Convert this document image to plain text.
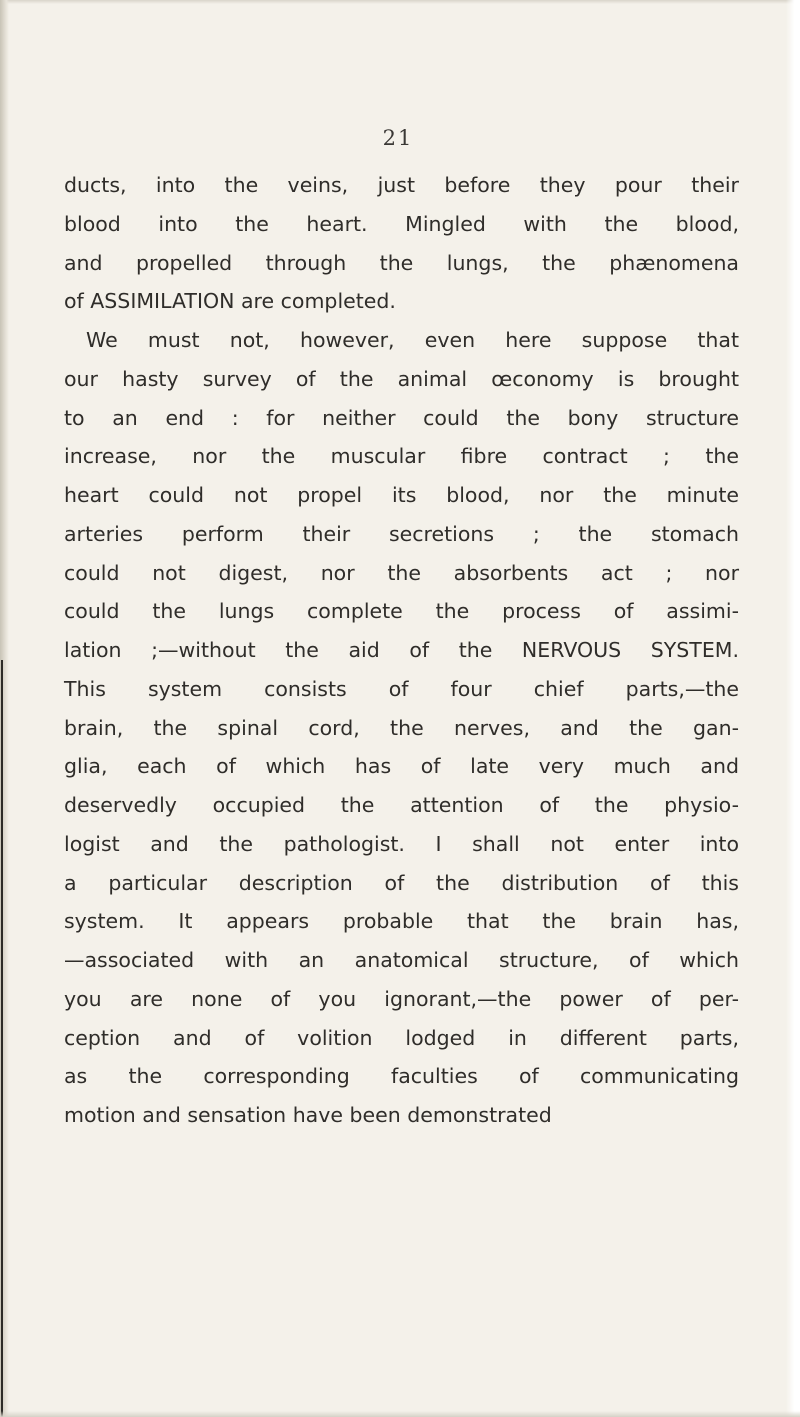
21
ducts, into the veins, just before they pour their
blood into the heart. Mingled with the blood,
and propelled through the lungs, the phænomena
of ASSIMILATION are completed.
We must not, however, even here suppose that
our hasty survey of the animal œconomy is brought
to an end : for neither could the bony structure
increase, nor the muscular fibre contract ; the
heart could not propel its blood, nor the minute
arteries perform their secretions ; the stomach
could not digest, nor the absorbents act ; nor
could the lungs complete the process of assimi-
lation ;—without the aid of the NERVOUS SYSTEM.
This system consists of four chief parts,—the
brain, the spinal cord, the nerves, and the gan-
glia, each of which has of late very much and
deservedly occupied the attention of the physio-
logist and the pathologist. I shall not enter into
a particular description of the distribution of this
system. It appears probable that the brain has,
—associated with an anatomical structure, of which
you are none of you ignorant,—the power of per-
ception and of volition lodged in different parts,
as the corresponding faculties of communicating
motion and sensation have been demonstrated
